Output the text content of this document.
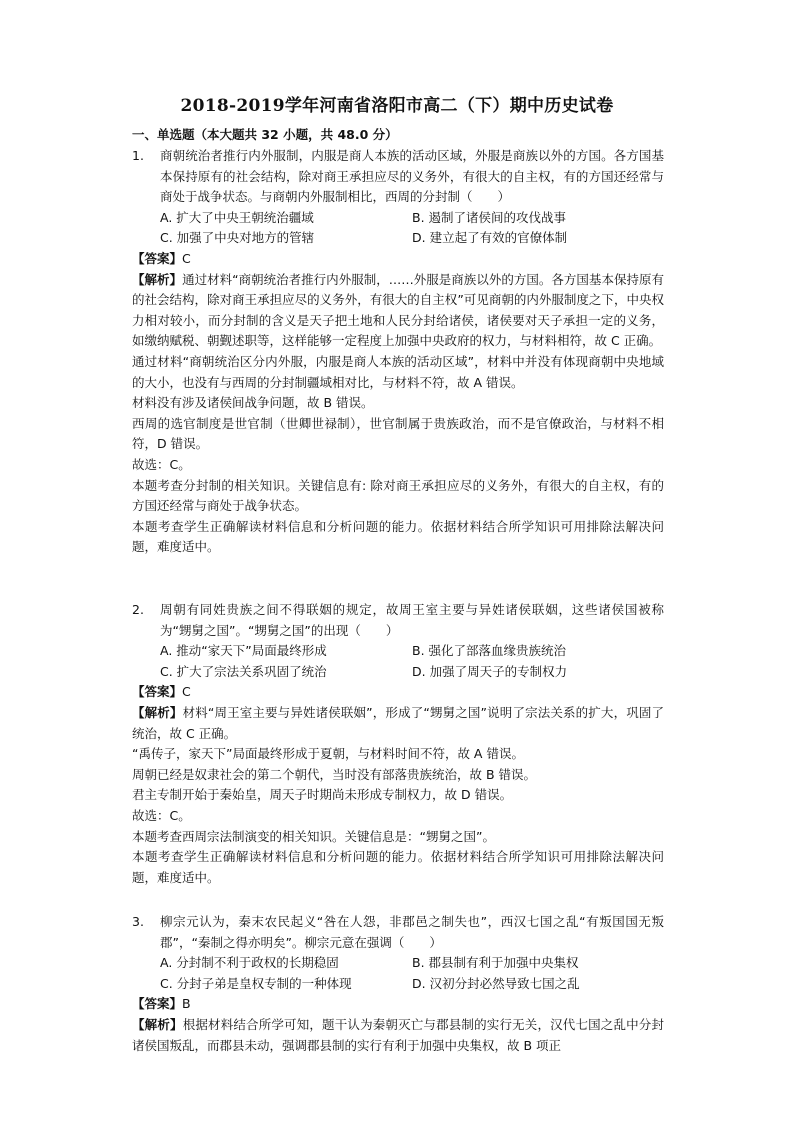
2018-2019学年河南省洛阳市高二（下）期中历史试卷
一、单选题（本大题共 32 小题，共 48.0 分）
1.	商朝统治者推行内外服制，内服是商人本族的活动区域，外服是商族以外的方国。各方国基本保持原有的社会结构，除对商王承担应尽的义务外，有很大的自主权，有的方国还经常与商处于战争状态。与商朝内外服制相比，西周的分封制（　　）
A. 扩大了中央王朝统治疆域	B. 遏制了诸侯间的攻伐战事
C. 加强了中央对地方的管辖	D. 建立起了有效的官僚体制
【答案】C
【解析】通过材料“商朝统治者推行内外服制，……外服是商族以外的方国。各方国基本保持原有的社会结构，除对商王承担应尽的义务外，有很大的自主权”可见商朝的内外服制度之下，中央权力相对较小，而分封制的含义是天子把土地和人民分封给诸侯，诸侯要对天子承担一定的义务，如缴纳赋税、朝觐述职等，这样能够一定程度上加强中央政府的权力，与材料相符，故 C 正确。
通过材料“商朝统治区分内外服，内服是商人本族的活动区域”，材料中并没有体现商朝中央地域的大小，也没有与西周的分封制疆域相对比，与材料不符，故 A 错误。
材料没有涉及诸侯间战争问题，故 B 错误。
西周的选官制度是世官制（世卿世禄制），世官制属于贵族政治，而不是官僚政治，与材料不相符，D 错误。
故选：C。
本题考查分封制的相关知识。关键信息有: 除对商王承担应尽的义务外，有很大的自主权，有的方国还经常与商处于战争状态。
本题考查学生正确解读材料信息和分析问题的能力。依据材料结合所学知识可用排除法解决问题，难度适中。
2.	周朝有同姓贵族之间不得联姻的规定，故周王室主要与异姓诸侯联姻，这些诸侯国被称为“甥舅之国”。“甥舅之国”的出现（　　）
A. 推动“家天下”局面最终形成	B. 强化了部落血缘贵族统治
C. 扩大了宗法关系巩固了统治	D. 加强了周天子的专制权力
【答案】C
【解析】材料“周王室主要与异姓诸侯联姻”，形成了“甥舅之国”说明了宗法关系的扩大，巩固了统治，故 C 正确。
“禹传子，家天下”局面最终形成于夏朝，与材料时间不符，故 A 错误。
周朝已经是奴隶社会的第二个朝代，当时没有部落贵族统治，故 B 错误。
君主专制开始于秦始皇，周天子时期尚未形成专制权力，故 D 错误。
故选：C。
本题考查西周宗法制演变的相关知识。关键信息是：“甥舅之国”。
本题考查学生正确解读材料信息和分析问题的能力。依据材料结合所学知识可用排除法解决问题，难度适中。
3.	柳宗元认为，秦末农民起义“咎在人怨，非郡邑之制失也”，西汉七国之乱“有叛国国无叛郡”，“秦制之得亦明矣”。柳宗元意在强调（　　）
A. 分封制不利于政权的长期稳固	B. 郡县制有利于加强中央集权
C. 分封子弟是皇权专制的一种体现	D. 汉初分封必然导致七国之乱
【答案】B
【解析】根据材料结合所学可知，题干认为秦朝灭亡与郡县制的实行无关，汉代七国之乱中分封诸侯国叛乱，而郡县未动，强调郡县制的实行有利于加强中央集权，故 B 项正
